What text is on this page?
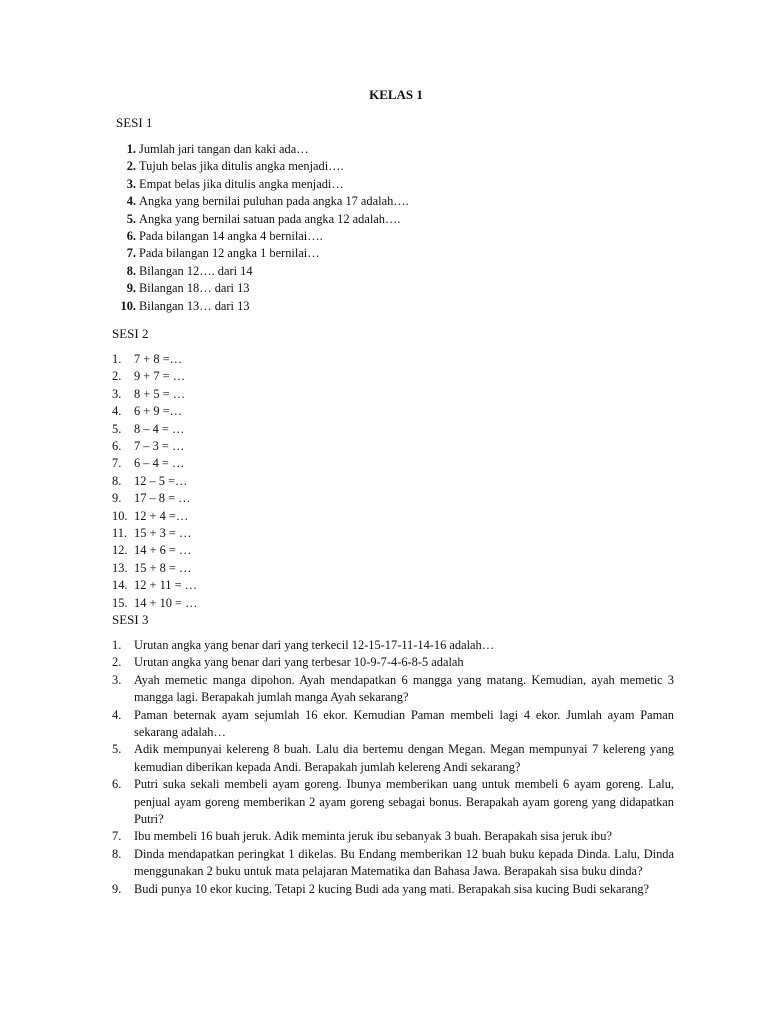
KELAS 1
SESI 1
1. Jumlah jari tangan dan kaki ada…
2. Tujuh belas jika ditulis angka menjadi….
3. Empat belas jika ditulis angka menjadi…
4. Angka yang bernilai puluhan pada angka 17 adalah….
5. Angka yang bernilai satuan pada angka 12 adalah….
6. Pada bilangan 14 angka 4 bernilai….
7. Pada bilangan 12 angka 1 bernilai…
8. Bilangan 12…. dari 14
9. Bilangan 18… dari 13
10. Bilangan 13… dari 13
SESI 2
1. 7 + 8 =…
2. 9 + 7 = …
3. 8 + 5 = …
4. 6 + 9 =…
5. 8 – 4 = …
6. 7 – 3 = …
7. 6 – 4 = …
8. 12 – 5 =…
9. 17 – 8 = …
10. 12 + 4 =…
11. 15 + 3 = …
12. 14 + 6 = …
13. 15 + 8 = …
14. 12 + 11 = …
15. 14 + 10 = …
SESI 3
1. Urutan angka yang benar dari yang terkecil 12-15-17-11-14-16 adalah…
2. Urutan angka yang benar dari yang terbesar 10-9-7-4-6-8-5 adalah
3. Ayah memetic manga dipohon. Ayah mendapatkan 6 mangga yang matang. Kemudian, ayah memetic 3 mangga lagi. Berapakah jumlah manga Ayah sekarang?
4. Paman beternak ayam sejumlah 16 ekor. Kemudian Paman membeli lagi 4 ekor. Jumlah ayam Paman sekarang adalah…
5. Adik mempunyai kelereng 8 buah. Lalu dia bertemu dengan Megan. Megan mempunyai 7 kelereng yang kemudian diberikan kepada Andi. Berapakah jumlah kelereng Andi sekarang?
6. Putri suka sekali membeli ayam goreng. Ibunya memberikan uang untuk membeli 6 ayam goreng. Lalu, penjual ayam goreng memberikan 2 ayam goreng sebagai bonus. Berapakah ayam goreng yang didapatkan Putri?
7. Ibu membeli 16 buah jeruk. Adik meminta jeruk ibu sebanyak 3 buah. Berapakah sisa jeruk ibu?
8. Dinda mendapatkan peringkat 1 dikelas. Bu Endang memberikan 12 buah buku kepada Dinda. Lalu, Dinda menggunakan 2 buku untuk mata pelajaran Matematika dan Bahasa Jawa. Berapakah sisa buku dinda?
9. Budi punya 10 ekor kucing. Tetapi 2 kucing Budi ada yang mati. Berapakah sisa kucing Budi sekarang?
